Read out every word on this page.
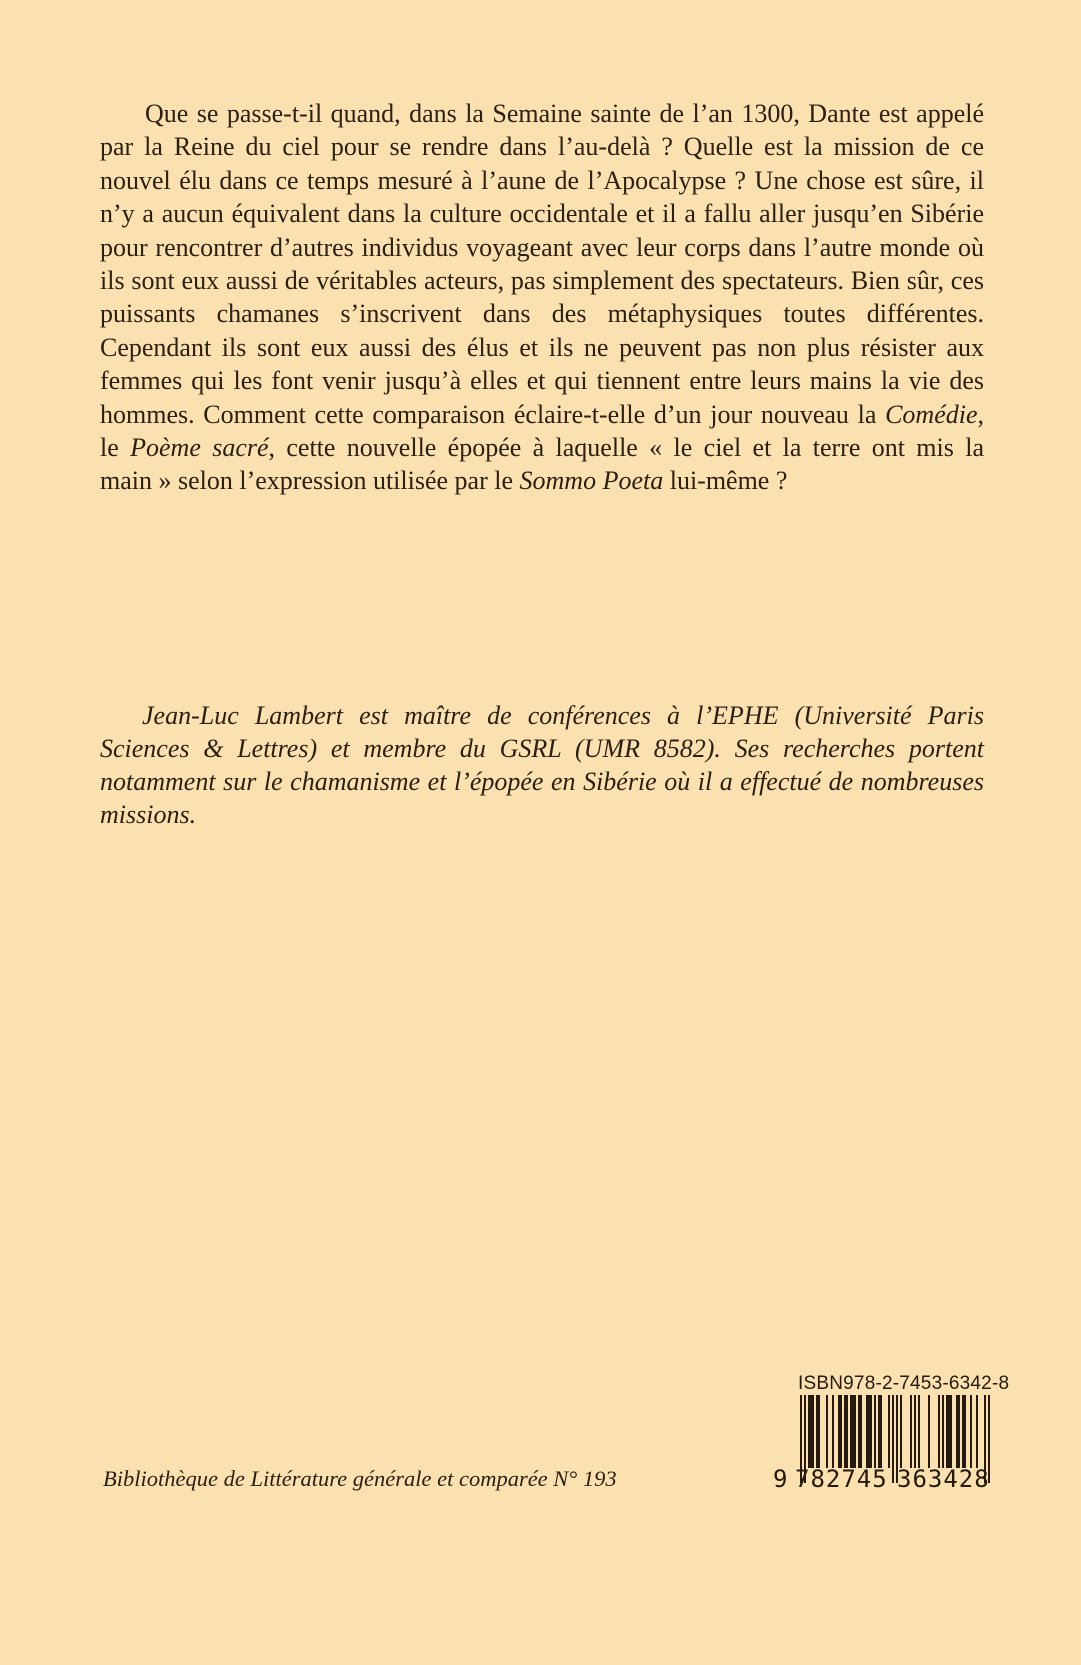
Que se passe-t-il quand, dans la Semaine sainte de l’an 1300, Dante est appelé par la Reine du ciel pour se rendre dans l’au-delà ? Quelle est la mission de ce nouvel élu dans ce temps mesuré à l’aune de l’Apocalypse ? Une chose est sûre, il n’y a aucun équivalent dans la culture occidentale et il a fallu aller jusqu’en Sibérie pour rencontrer d’autres individus voyageant avec leur corps dans l’autre monde où ils sont eux aussi de véritables acteurs, pas simplement des spectateurs. Bien sûr, ces puissants chamanes s’inscrivent dans des métaphysiques toutes différentes. Cependant ils sont eux aussi des élus et ils ne peuvent pas non plus résister aux femmes qui les font venir jusqu’à elles et qui tiennent entre leurs mains la vie des hommes. Comment cette comparaison éclaire-t-elle d’un jour nouveau la Comédie, le Poème sacré, cette nouvelle épopée à laquelle « le ciel et la terre ont mis la main » selon l’expression utilisée par le Sommo Poeta lui-même ?

Jean-Luc Lambert est maître de conférences à l’EPHE (Université Paris Sciences & Lettres) et membre du GSRL (UMR 8582). Ses recherches portent notamment sur le chamanisme et l’épopée en Sibérie où il a effectué de nombreuses missions.

ISBN 978-2-7453-6342-8
9 782745 363428

Bibliothèque de Littérature générale et comparée N° 193
